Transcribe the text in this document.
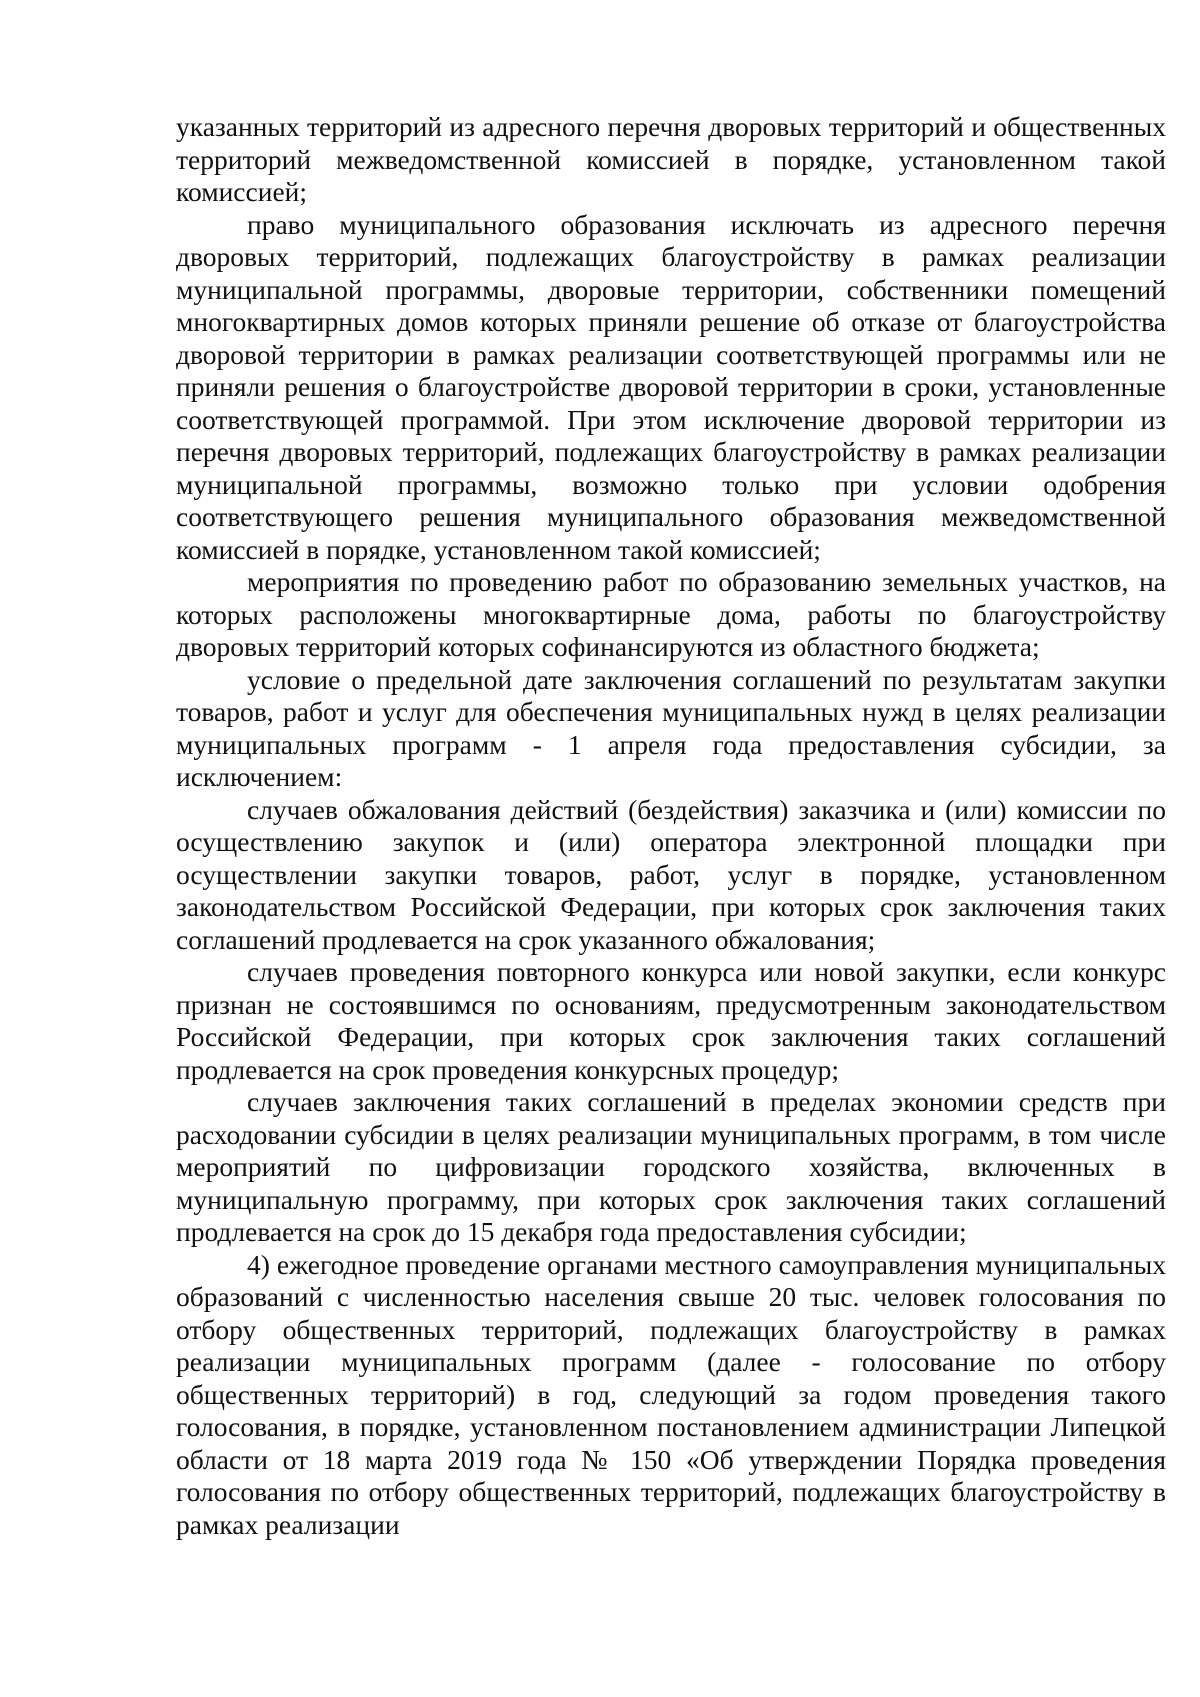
указанных территорий из адресного перечня дворовых территорий и общественных территорий межведомственной комиссией в порядке, установленном такой комиссией;

право муниципального образования исключать из адресного перечня дворовых территорий, подлежащих благоустройству в рамках реализации муниципальной программы, дворовые территории, собственники помещений многоквартирных домов которых приняли решение об отказе от благоустройства дворовой территории в рамках реализации соответствующей программы или не приняли решения о благоустройстве дворовой территории в сроки, установленные соответствующей программой. При этом исключение дворовой территории из перечня дворовых территорий, подлежащих благоустройству в рамках реализации муниципальной программы, возможно только при условии одобрения соответствующего решения муниципального образования межведомственной комиссией в порядке, установленном такой комиссией;

мероприятия по проведению работ по образованию земельных участков, на которых расположены многоквартирные дома, работы по благоустройству дворовых территорий которых софинансируются из областного бюджета;

условие о предельной дате заключения соглашений по результатам закупки товаров, работ и услуг для обеспечения муниципальных нужд в целях реализации муниципальных программ - 1 апреля года предоставления субсидии, за исключением:

случаев обжалования действий (бездействия) заказчика и (или) комиссии по осуществлению закупок и (или) оператора электронной площадки при осуществлении закупки товаров, работ, услуг в порядке, установленном законодательством Российской Федерации, при которых срок заключения таких соглашений продлевается на срок указанного обжалования;

случаев проведения повторного конкурса или новой закупки, если конкурс признан не состоявшимся по основаниям, предусмотренным законодательством Российской Федерации, при которых срок заключения таких соглашений продлевается на срок проведения конкурсных процедур;

случаев заключения таких соглашений в пределах экономии средств при расходовании субсидии в целях реализации муниципальных программ, в том числе мероприятий по цифровизации городского хозяйства, включенных в муниципальную программу, при которых срок заключения таких соглашений продлевается на срок до 15 декабря года предоставления субсидии;

4) ежегодное проведение органами местного самоуправления муниципальных образований с численностью населения свыше 20 тыс. человек голосования по отбору общественных территорий, подлежащих благоустройству в рамках реализации муниципальных программ (далее - голосование по отбору общественных территорий) в год, следующий за годом проведения такого голосования, в порядке, установленном постановлением администрации Липецкой области от 18 марта 2019 года № 150 «Об утверждении Порядка проведения голосования по отбору общественных территорий, подлежащих благоустройству в рамках реализации
